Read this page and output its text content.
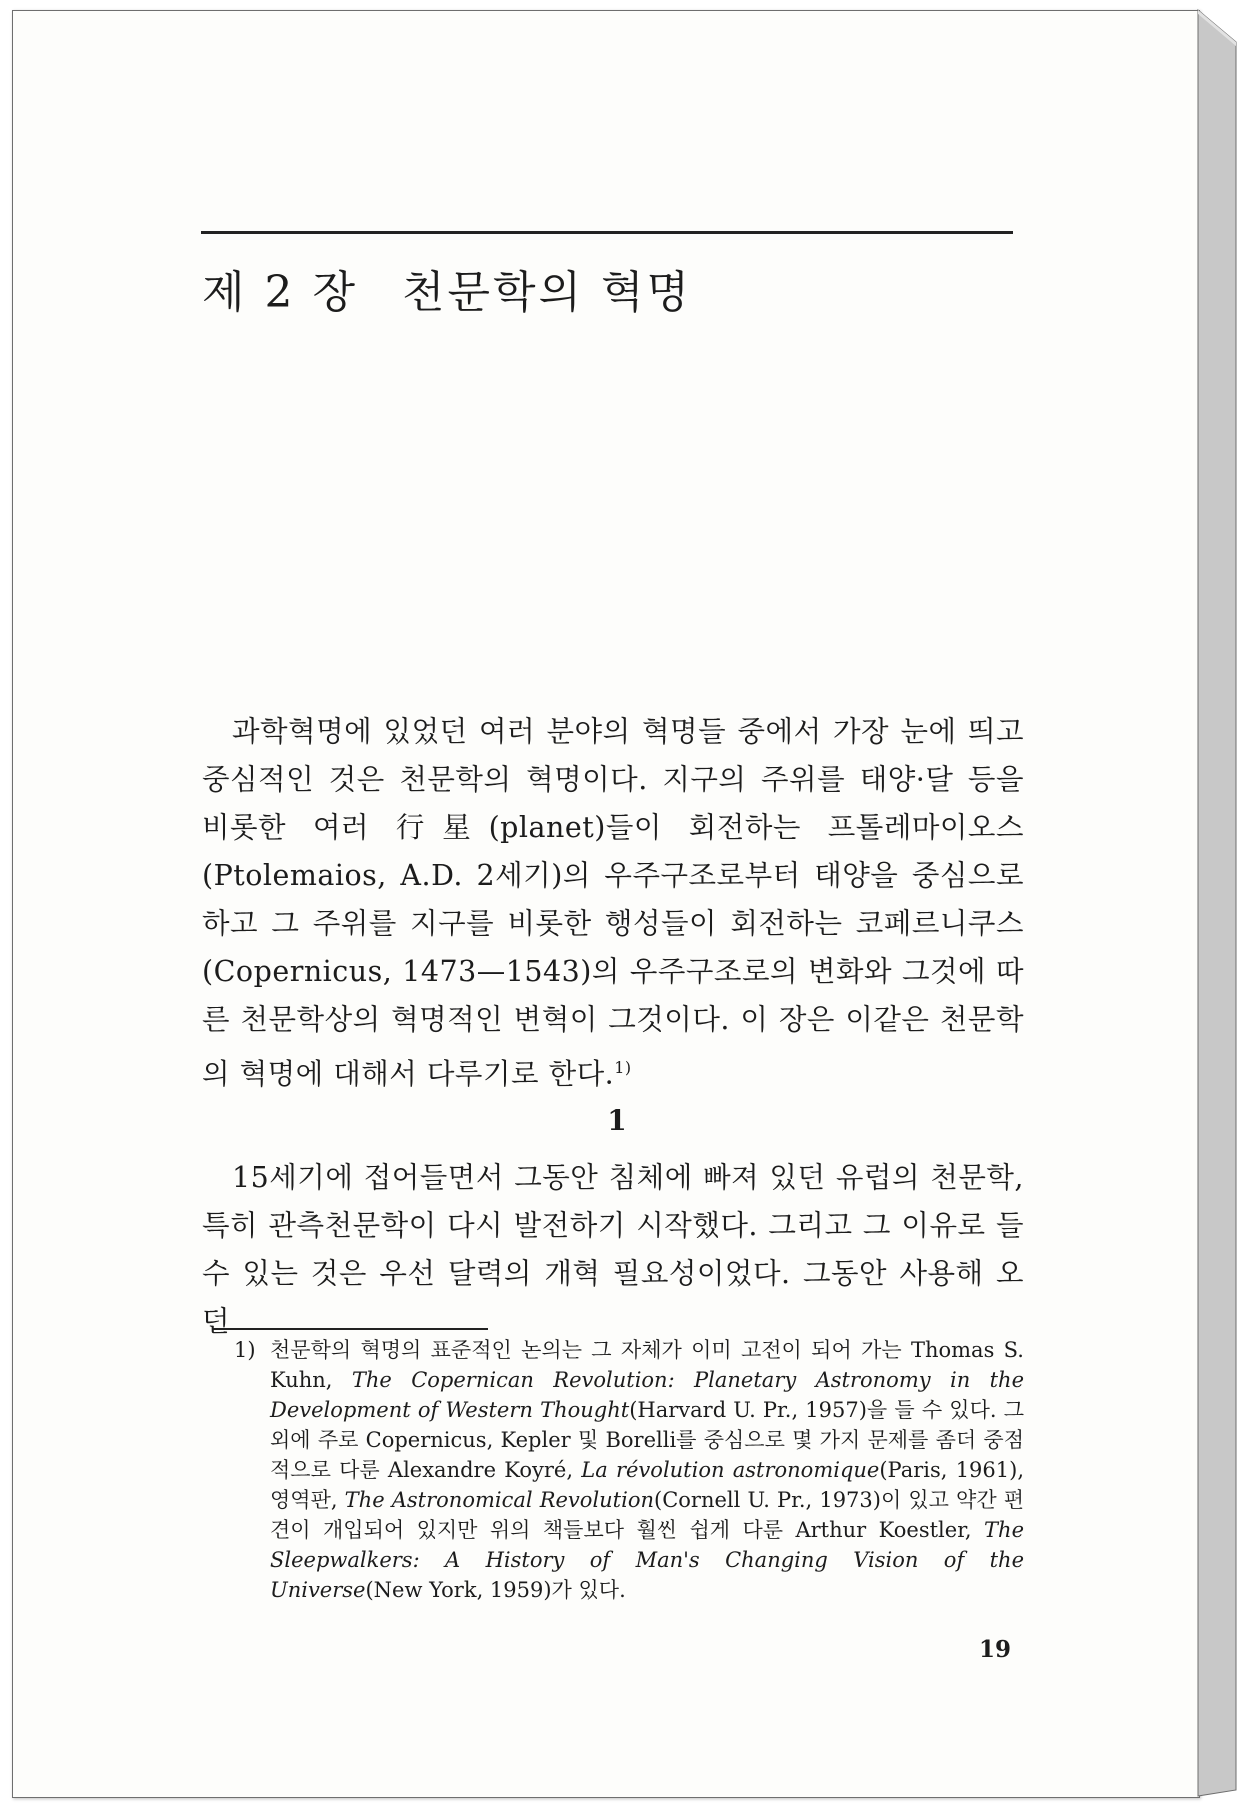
제 2 장 천문학의 혁명

과학혁명에 있었던 여러 분야의 혁명들 중에서 가장 눈에 띄고 중심적인 것은 천문학의 혁명이다. 지구의 주위를 태양·달 등을 비롯한 여러 行星(planet)들이 회전하는 프톨레마이오스(Ptolemaios, A.D. 2세기)의 우주구조로부터 태양을 중심으로 하고 그 주위를 지구를 비롯한 행성들이 회전하는 코페르니쿠스(Copernicus, 1473—1543)의 우주구조로의 변화와 그것에 따른 천문학상의 혁명적인 변혁이 그것이다. 이 장은 이같은 천문학의 혁명에 대해서 다루기로 한다.$^{1)}$

1

15세기에 접어들면서 그동안 침체에 빠져 있던 유럽의 천문학, 특히 관측천문학이 다시 발전하기 시작했다. 그리고 그 이유로 들 수 있는 것은 우선 달력의 개혁 필요성이었다. 그동안 사용해 오던

1) 천문학의 혁명의 표준적인 논의는 그 자체가 이미 고전이 되어 가는 Thomas S. Kuhn, The Copernican Revolution: Planetary Astronomy in the Development of Western Thought(Harvard U. Pr., 1957)을 들 수 있다. 그 외에 주로 Copernicus, Kepler 및 Borelli를 중심으로 몇 가지 문제를 좀더 중점적으로 다룬 Alexandre Koyré, La révolution astronomique(Paris, 1961), 영역판, The Astronomical Revolution(Cornell U. Pr., 1973)이 있고 약간 편견이 개입되어 있지만 위의 책들보다 훨씬 쉽게 다룬 Arthur Koestler, The Sleepwalkers: A History of Man's Changing Vision of the Universe(New York, 1959)가 있다.
19
